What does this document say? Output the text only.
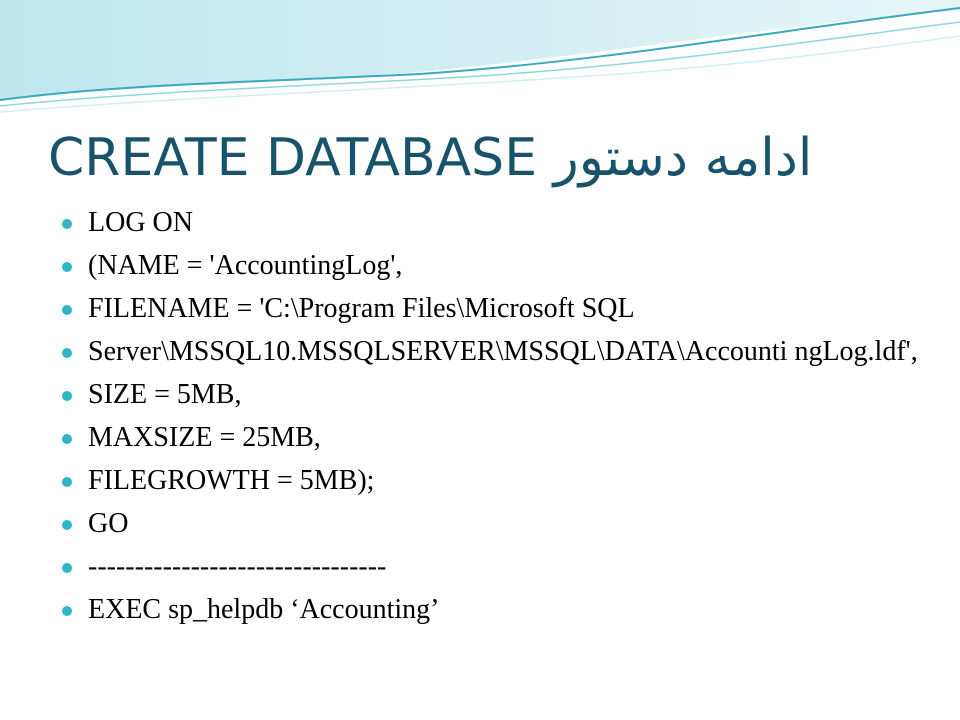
CREATE DATABASE ادامه دستور
LOG ON
(NAME = 'AccountingLog',
FILENAME = 'C:\Program Files\Microsoft SQL
Server\MSSQL10.MSSQLSERVER\MSSQL\DATA\Accounti ngLog.ldf',
SIZE = 5MB,
MAXSIZE = 25MB,
FILEGROWTH = 5MB);
GO
--------------------------------
EXEC sp_helpdb ‘Accounting’
